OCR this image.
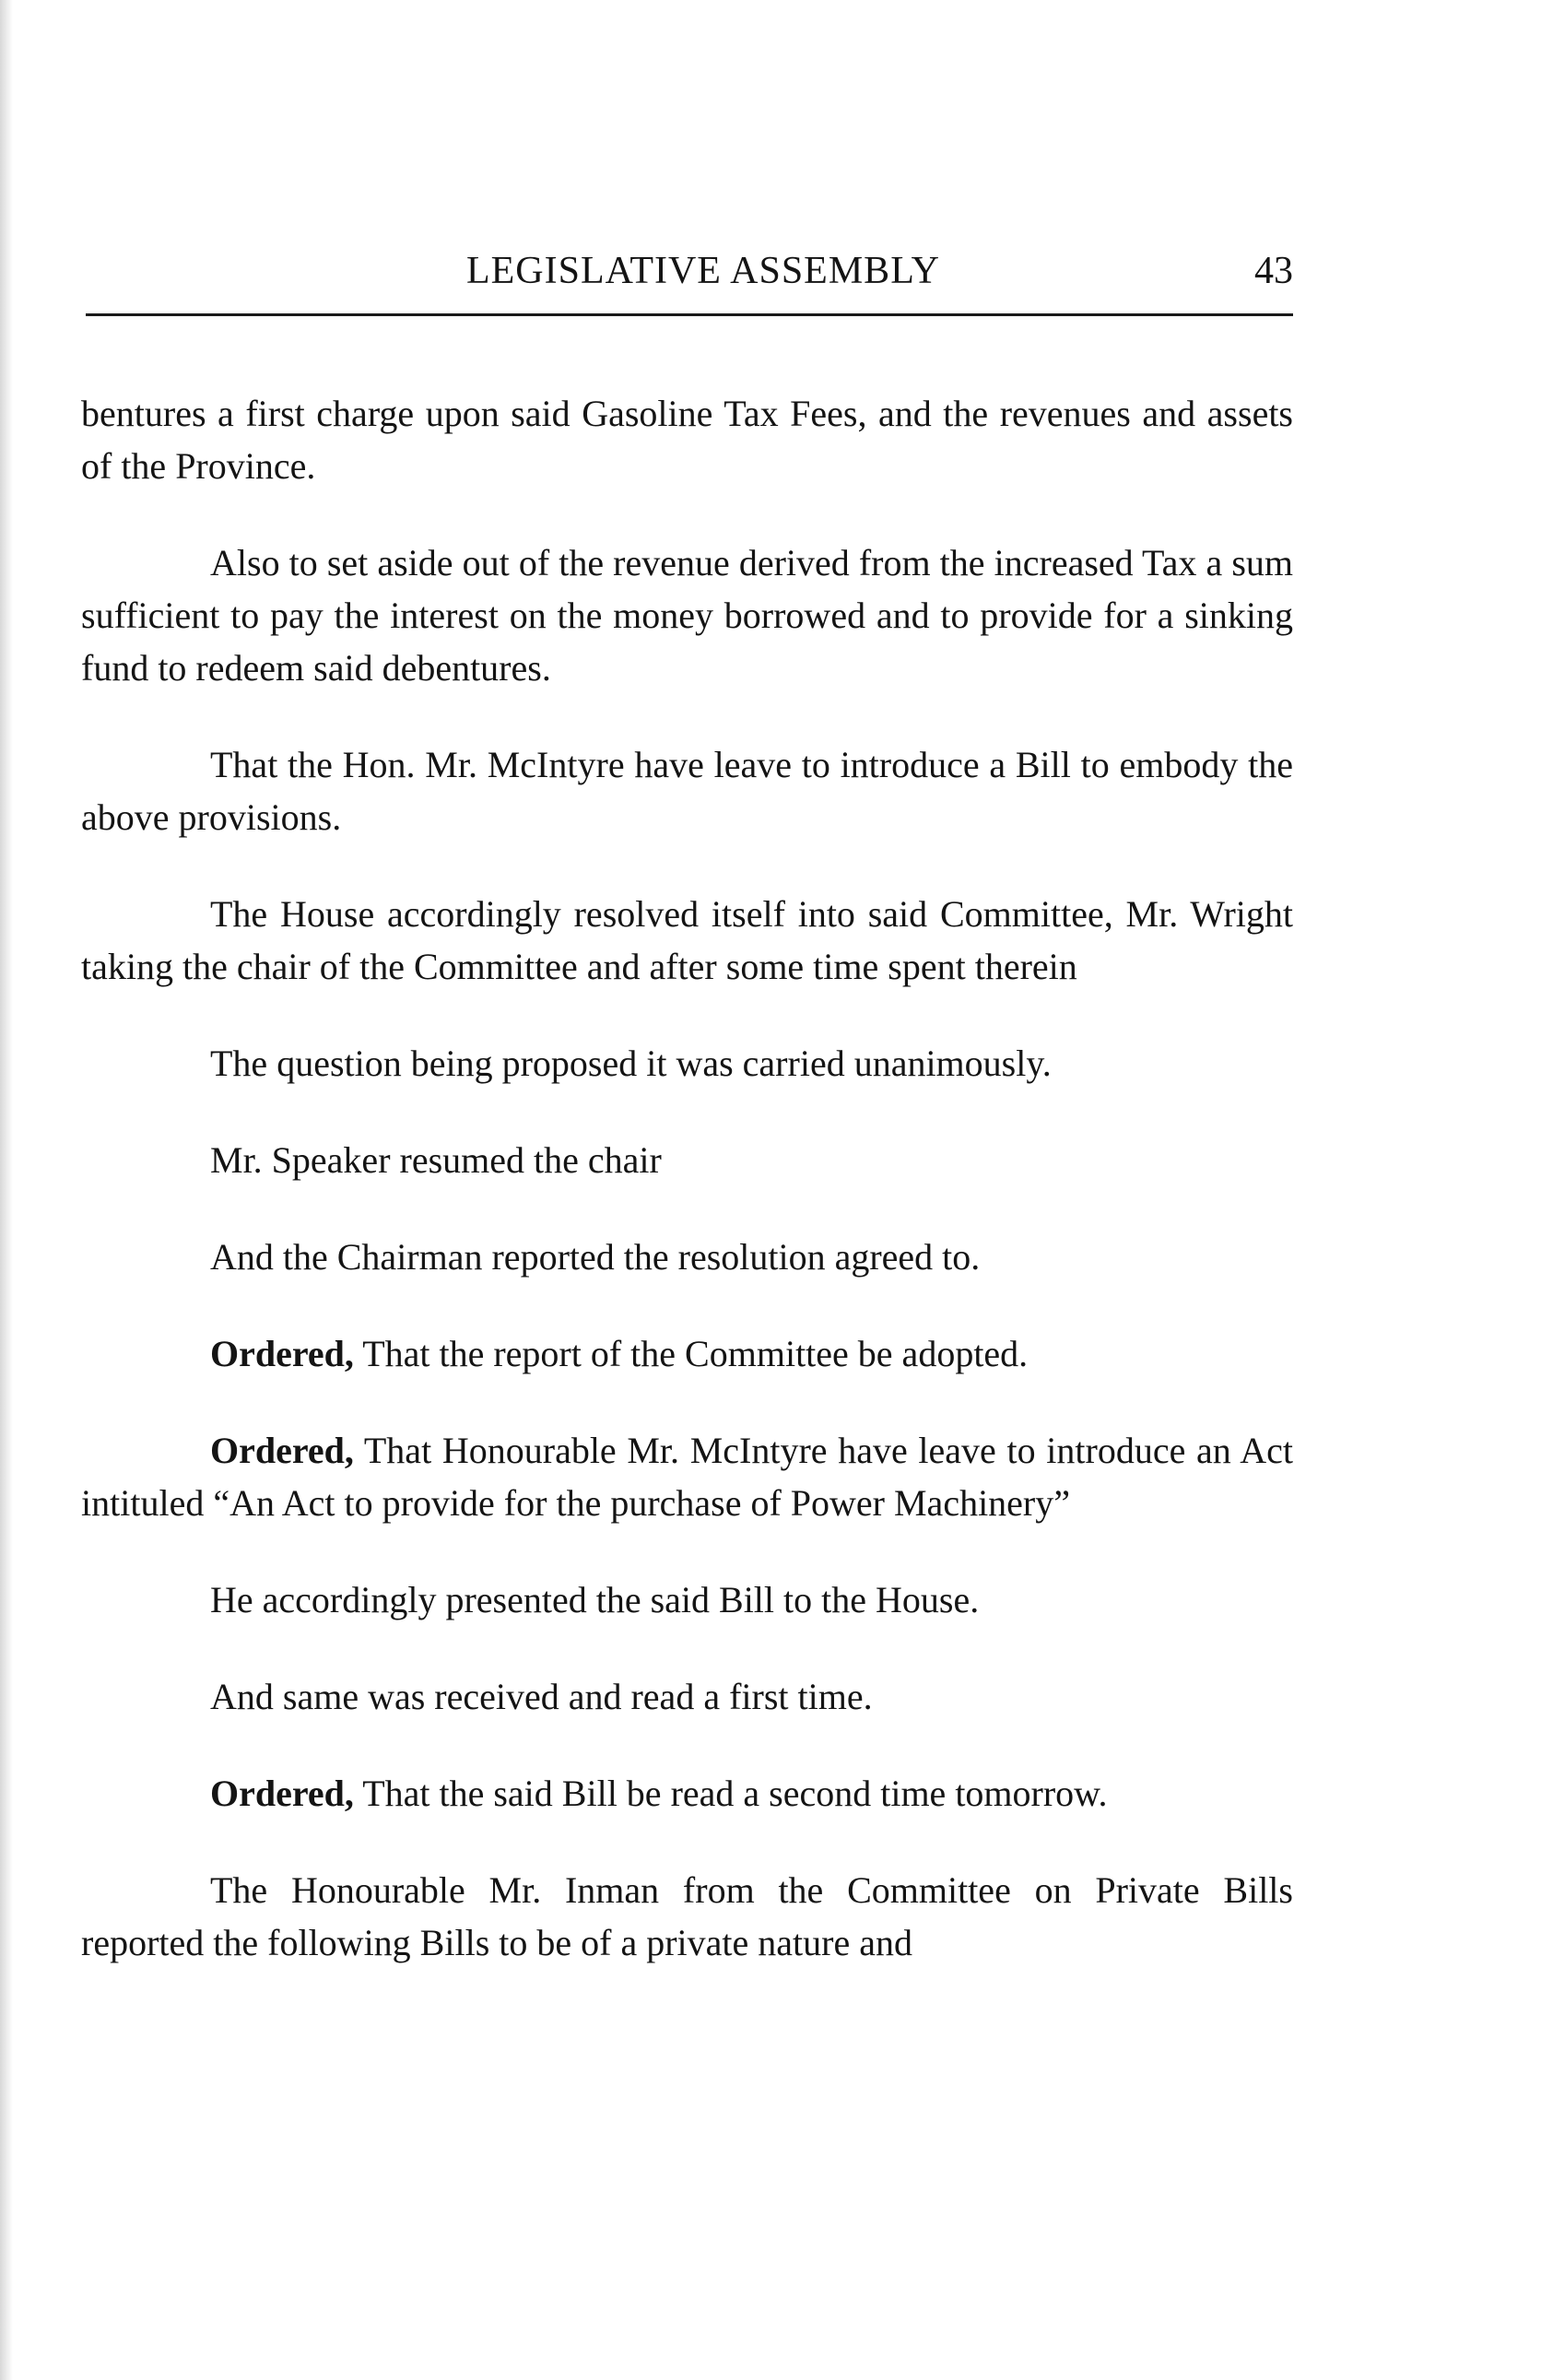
LEGISLATIVE ASSEMBLY	43

bentures a first charge upon said Gasoline Tax Fees, and the revenues and assets of the Province.

Also to set aside out of the revenue derived from the increased Tax a sum sufficient to pay the interest on the money borrowed and to provide for a sinking fund to redeem said debentures.

That the Hon. Mr. McIntyre have leave to introduce a Bill to embody the above provisions.

The House accordingly resolved itself into said Committee, Mr. Wright taking the chair of the Committee and after some time spent therein

The question being proposed it was carried unanimously.

Mr. Speaker resumed the chair

And the Chairman reported the resolution agreed to.

Ordered, That the report of the Committee be adopted.

Ordered, That Honourable Mr. McIntyre have leave to introduce an Act intituled “An Act to provide for the purchase of Power Machinery”

He accordingly presented the said Bill to the House.

And same was received and read a first time.

Ordered, That the said Bill be read a second time tomorrow.

The Honourable Mr. Inman from the Committee on Private Bills reported the following Bills to be of a private nature and
